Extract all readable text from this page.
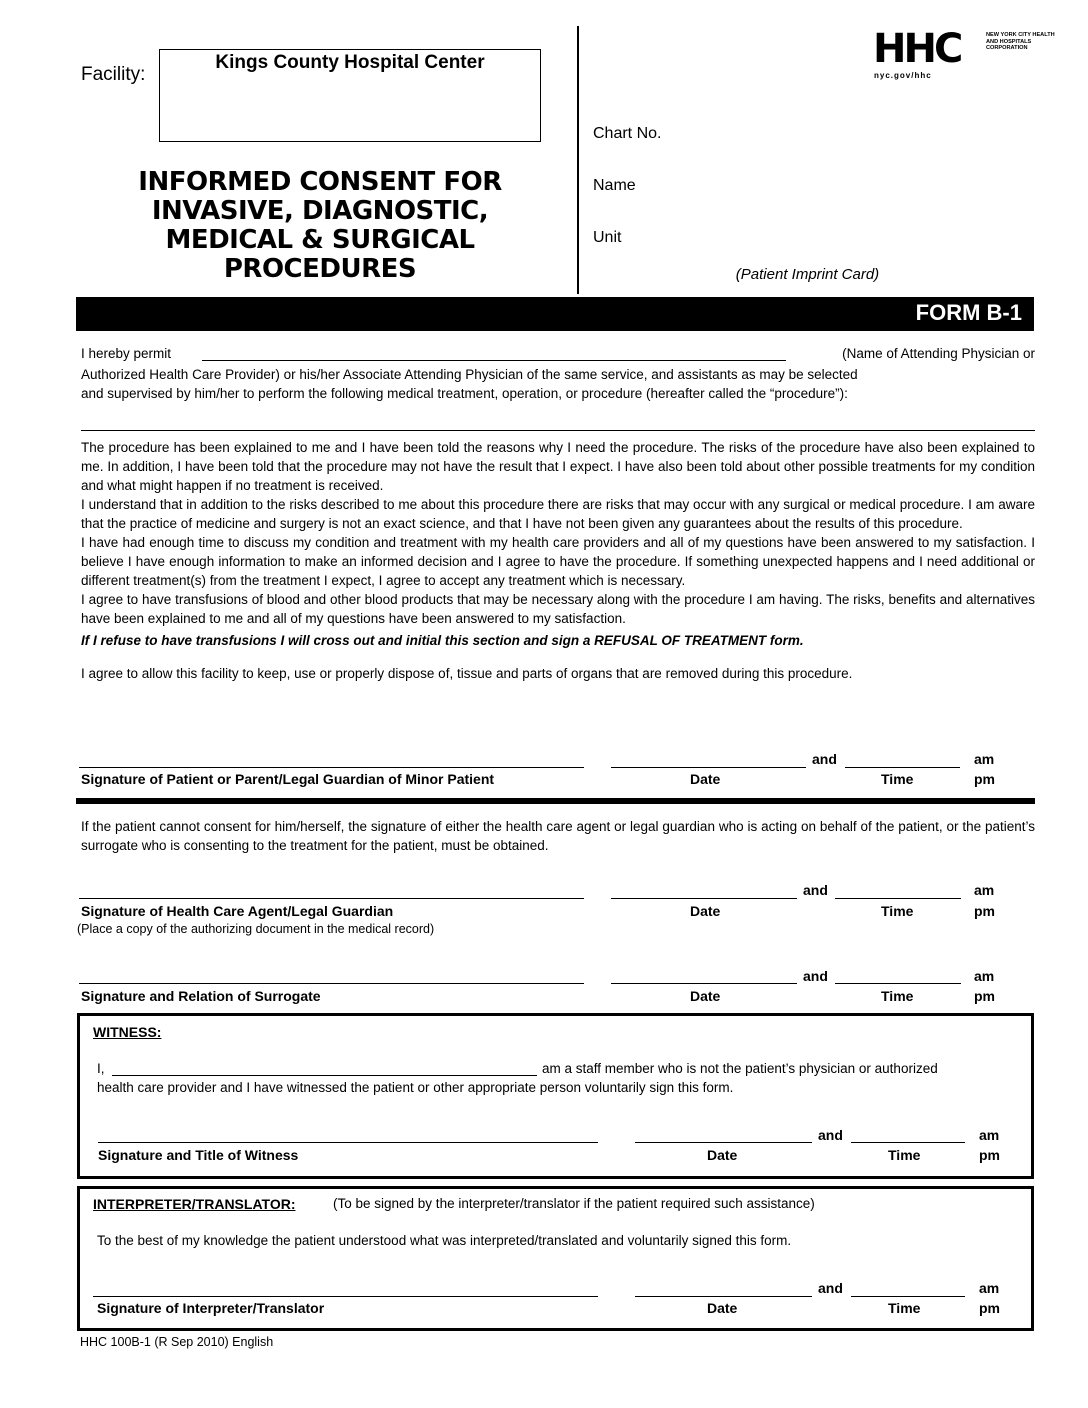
Facility:
Kings County Hospital Center
INFORMED CONSENT FOR
INVASIVE, DIAGNOSTIC,
MEDICAL & SURGICAL
PROCEDURES
Chart No.
Name
Unit
(Patient Imprint Card)
HHC	NEW YORK CITY HEALTH AND HOSPITALS CORPORATION
nyc.gov/hhc
FORM B-1
I hereby permit	(Name of Attending Physician or

Authorized Health Care Provider) or his/her Associate Attending Physician of the same service, and assistants as may be selected

and supervised by him/her to perform the following medical treatment, operation, or procedure (hereafter called the “procedure”):

The procedure has been explained to me and I have been told the reasons why I need the procedure. The risks of the procedure have also been explained to me. In addition, I have been told that the procedure may not have the result that I expect. I have also been told about other possible treatments for my condition and what might happen if no treatment is received.

I understand that in addition to the risks described to me about this procedure there are risks that may occur with any surgical or medical procedure. I am aware that the practice of medicine and surgery is not an exact science, and that I have not been given any guarantees about the results of this procedure.

I have had enough time to discuss my condition and treatment with my health care providers and all of my questions have been answered to my satisfaction. I believe I have enough information to make an informed decision and I agree to have the procedure. If something unexpected happens and I need additional or different treatment(s) from the treatment I expect, I agree to accept any treatment which is necessary.

I agree to have transfusions of blood and other blood products that may be necessary along with the procedure I am having. The risks, benefits and alternatives have been explained to me and all of my questions have been answered to my satisfaction.

If I refuse to have transfusions I will cross out and initial this section and sign a REFUSAL OF TREATMENT form.

I agree to allow this facility to keep, use or properly dispose of, tissue and parts of organs that are removed during this procedure.

and	am
Signature of Patient or Parent/Legal Guardian of Minor Patient	Date	Time	pm
If the patient cannot consent for him/herself, the signature of either the health care agent or legal guardian who is acting on behalf of the patient, or the patient’s surrogate who is consenting to the treatment for the patient, must be obtained.
and	am
Signature of Health Care Agent/Legal Guardian	Date	Time	pm
(Place a copy of the authorizing document in the medical record)
and	am
Signature and Relation of Surrogate	Date	Time	pm
WITNESS:
I,	am a staff member who is not the patient’s physician or authorized
health care provider and I have witnessed the patient or other appropriate person voluntarily sign this form.
and	am
Signature and Title of Witness	Date	Time	pm
INTERPRETER/TRANSLATOR:	(To be signed by the interpreter/translator if the patient required such assistance)
To the best of my knowledge the patient understood what was interpreted/translated and voluntarily signed this form.
and	am
Signature of Interpreter/Translator	Date	Time	pm
HHC 100B-1 (R Sep 2010) English
